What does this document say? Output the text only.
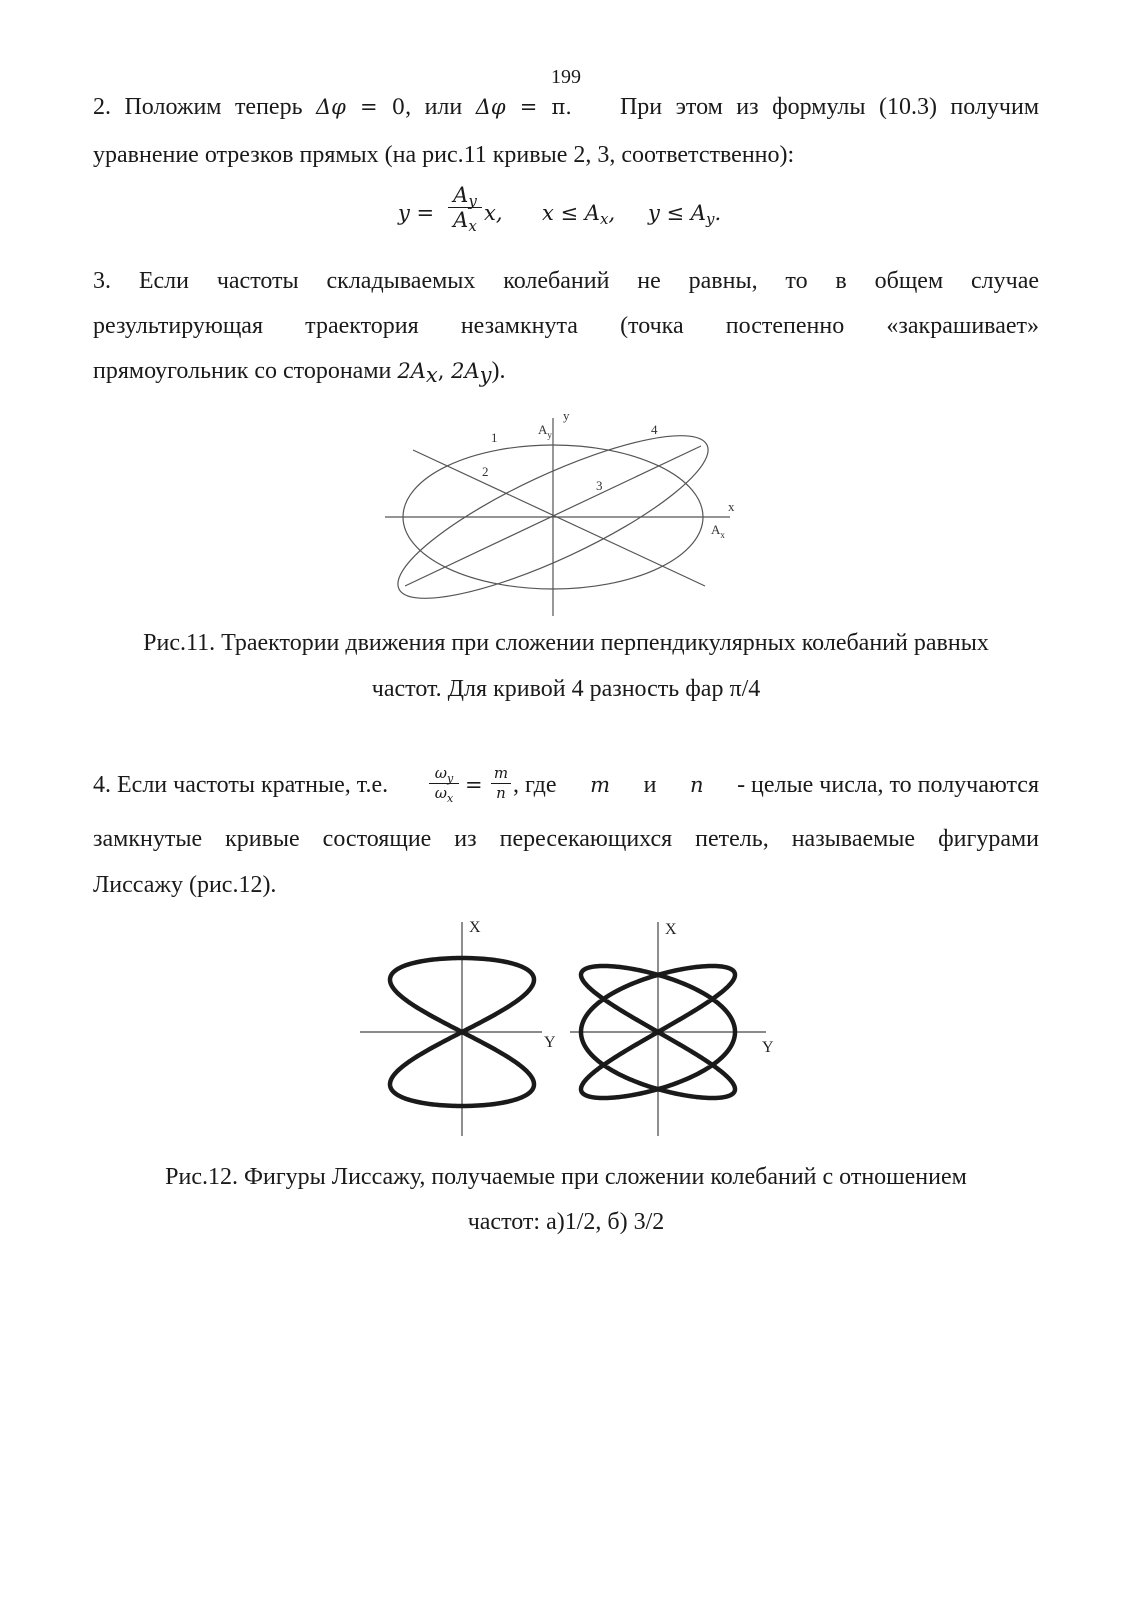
199

2. Положим теперь Δφ = 0, или Δφ = π.   При этом из формулы (10.3) получим

уравнение отрезков прямых (на рис.11 кривые 2, 3, соответственно):

$y = \frac{A_y}{A_x} x$, $x \le A_x$, $y \le A_y$.

3. Если частоты складываемых колебаний не равны, то в общем случае

результирующая траектория незамкнута (точка постепенно «закрашивает»

прямоугольник со сторонами $2A_x$, $2A_y$).

y
x
$A_y$
$A_x$
1
2
3
4

Рис.11. Траектории движения при сложении перпендикулярных колебаний равных

частот. Для кривой 4 разность фар π/4

4. Если частоты кратные, т.е.	$\frac{\omega_y}{\omega_x} = \frac{m}{n}$ , где m и n - целые числа, то получаются

замкнутые кривые состоящие из пересекающихся петель, называемые фигурами

Лиссажу (рис.12).

X
Y
X
Y

Рис.12. Фигуры Лиссажу, получаемые при сложении колебаний с отношением

частот: а)1/2, б) 3/2
